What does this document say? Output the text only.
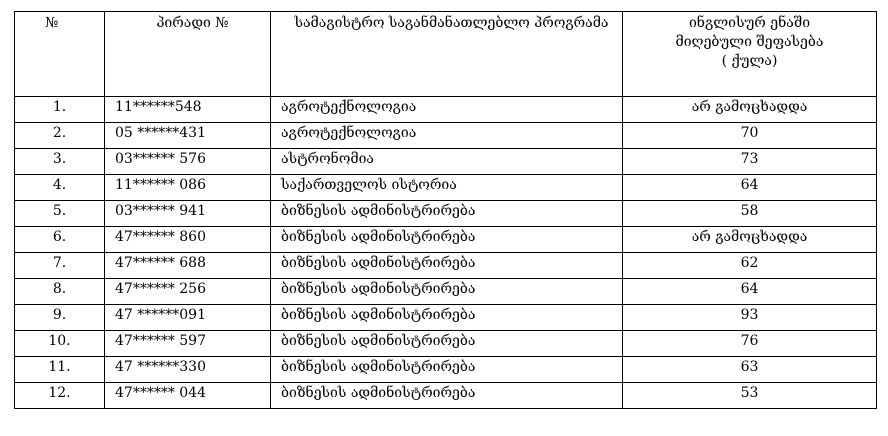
№	პირადი №	სამაგისტრო საგანმანათლებლო პროგრამა	ინგლისურ ენაში
მიღებული შეფასება
( ქულა)

1.	11******548	აგროტექნოლოგია	არ გამოცხადდა
2.	05 ******431	აგროტექნოლოგია	70
3.	03****** 576	ასტრონომია	73
4.	11****** 086	საქართველოს ისტორია	64
5.	03****** 941	ბიზნესის ადმინისტრირება	58
6.	47****** 860	ბიზნესის ადმინისტრირება	არ გამოცხადდა
7.	47****** 688	ბიზნესის ადმინისტრირება	62
8.	47****** 256	ბიზნესის ადმინისტრირება	64
9.	47 ******091	ბიზნესის ადმინისტრირება	93
10.	47****** 597	ბიზნესის ადმინისტრირება	76
11.	47 ******330	ბიზნესის ადმინისტრირება	63
12.	47****** 044	ბიზნესის ადმინისტრირება	53
